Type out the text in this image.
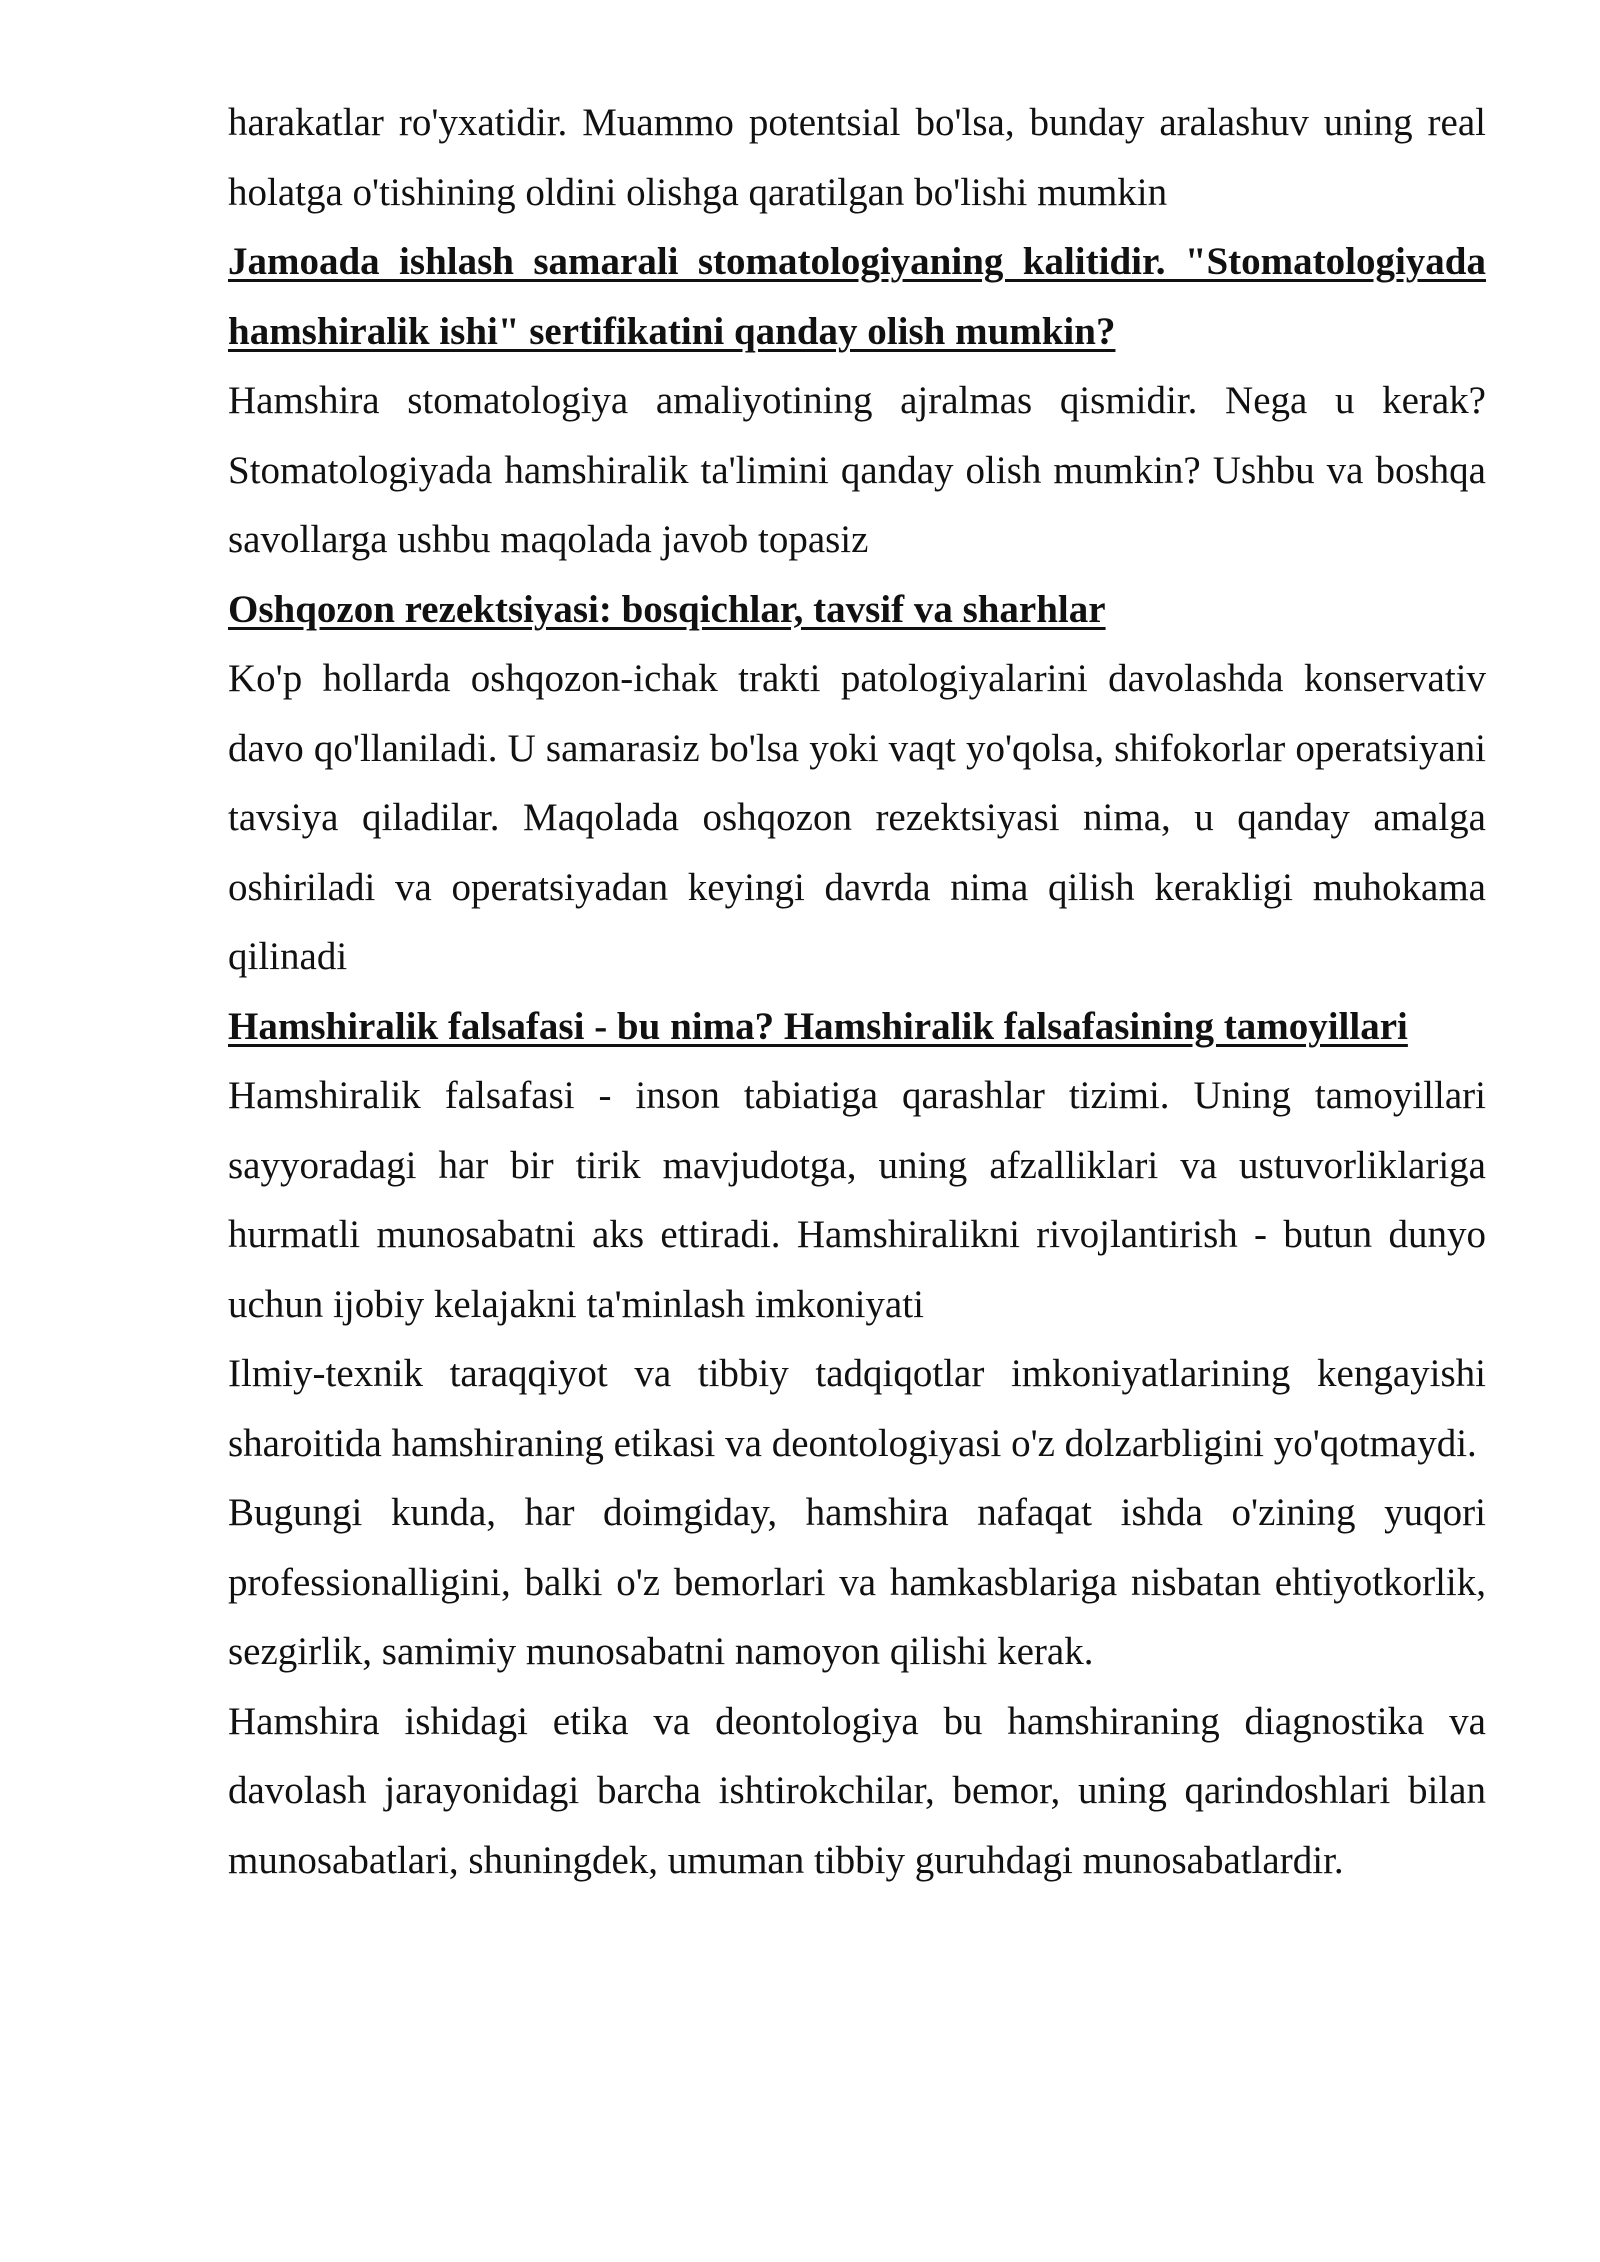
harakatlar ro'yxatidir. Muammo potentsial bo'lsa, bunday aralashuv uning real holatga o'tishining oldini olishga qaratilgan bo'lishi mumkin

Jamoada ishlash samarali stomatologiyaning kalitidir. "Stomatologiyada hamshiralik ishi" sertifikatini qanday olish mumkin?

Hamshira stomatologiya amaliyotining ajralmas qismidir. Nega u kerak? Stomatologiyada hamshiralik ta'limini qanday olish mumkin? Ushbu va boshqa savollarga ushbu maqolada javob topasiz

Oshqozon rezektsiyasi: bosqichlar, tavsif va sharhlar

Ko'p hollarda oshqozon-ichak trakti patologiyalarini davolashda konservativ davo qo'llaniladi. U samarasiz bo'lsa yoki vaqt yo'qolsa, shifokorlar operatsiyani tavsiya qiladilar. Maqolada oshqozon rezektsiyasi nima, u qanday amalga oshiriladi va operatsiyadan keyingi davrda nima qilish kerakligi muhokama qilinadi

Hamshiralik falsafasi - bu nima? Hamshiralik falsafasining tamoyillari

Hamshiralik falsafasi - inson tabiatiga qarashlar tizimi. Uning tamoyillari sayyoradagi har bir tirik mavjudotga, uning afzalliklari va ustuvorliklariga hurmatli munosabatni aks ettiradi. Hamshiralikni rivojlantirish - butun dunyo uchun ijobiy kelajakni ta'minlash imkoniyati

Ilmiy-texnik taraqqiyot va tibbiy tadqiqotlar imkoniyatlarining kengayishi sharoitida hamshiraning etikasi va deontologiyasi o'z dolzarbligini yo'qotmaydi.

Bugungi kunda, har doimgiday, hamshira nafaqat ishda o'zining yuqori professionalligini, balki o'z bemorlari va hamkasblariga nisbatan ehtiyotkorlik, sezgirlik, samimiy munosabatni namoyon qilishi kerak.

Hamshira ishidagi etika va deontologiya bu hamshiraning diagnostika va davolash jarayonidagi barcha ishtirokchilar, bemor, uning qarindoshlari bilan munosabatlari, shuningdek, umuman tibbiy guruhdagi munosabatlardir.
